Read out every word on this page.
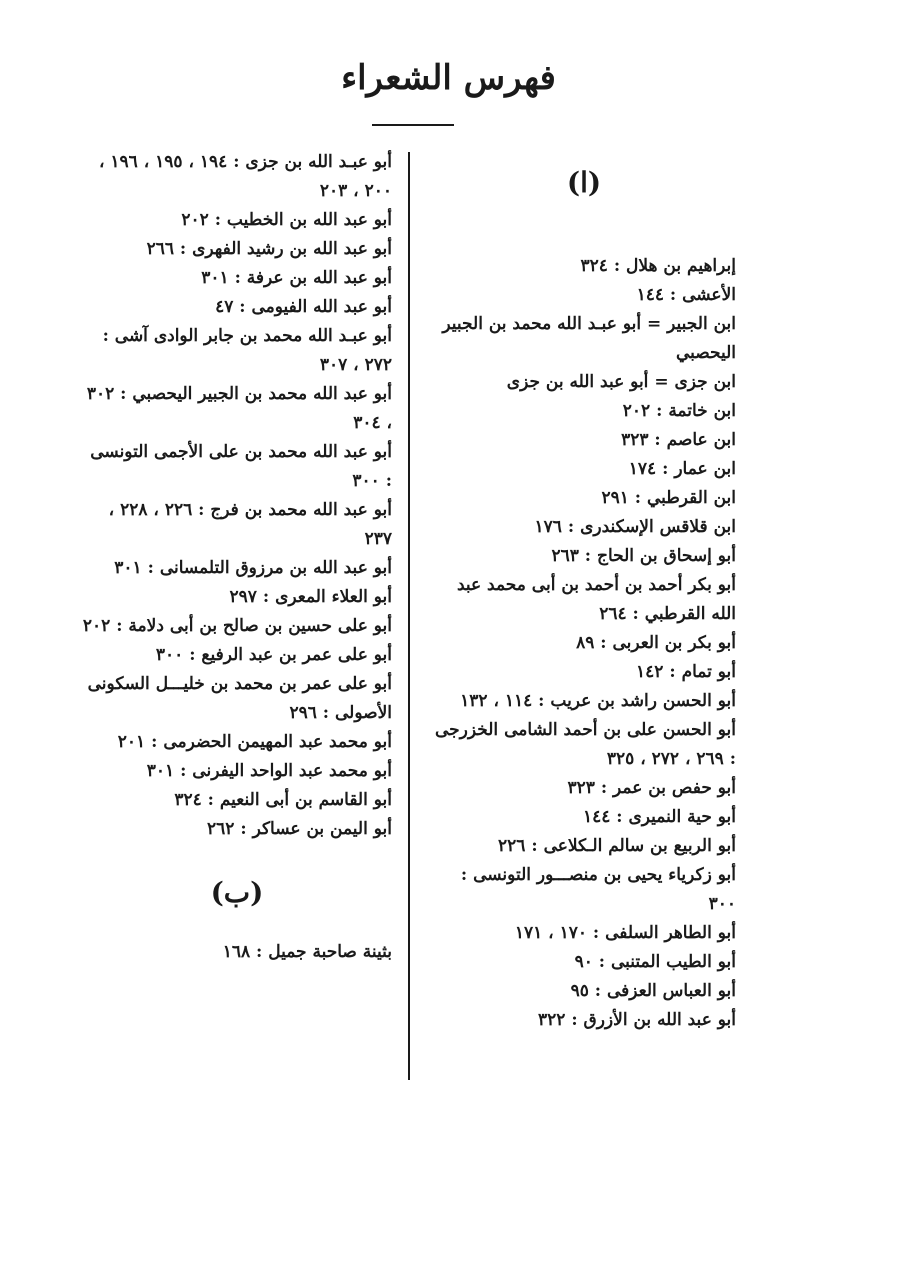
فهرس الشعراء
(ا)
إبراهيم بن هلال : ٣٢٤
الأعشى : ١٤٤
ابن الجبير = أبو عبـد الله محمد بن الجبير اليحصبي
ابن جزى = أبو عبد الله بن جزى
ابن خاتمة : ٢٠٢
ابن عاصم : ٣٢٣
ابن عمار : ١٧٤
ابن القرطبي : ٢٩١
ابن قلاقس الإسكندرى : ١٧٦
أبو إسحاق بن الحاج : ٢٦٣
أبو بكر أحمد بن أحمد بن أبى محمد عبد الله القرطبي : ٢٦٤
أبو بكر بن العربى : ٨٩
أبو تمام : ١٤٢
أبو الحسن راشد بن عريب : ١١٤ ، ١٣٢
أبو الحسن على بن أحمد الشامى الخزرجى : ٢٦٩ ، ٢٧٢ ، ٣٢٥
أبو حفص بن عمر : ٣٢٣
أبو حية النميرى : ١٤٤
أبو الربيع بن سالم الـكلاعى : ٢٢٦
أبو زكرياء يحيى بن منصـــور التونسى : ٣٠٠
أبو الطاهر السلفى : ١٧٠ ، ١٧١
أبو الطيب المتنبى : ٩٠
أبو العباس العزفى : ٩٥
أبو عبد الله بن الأزرق : ٣٢٢
أبو عبـد الله بن جزى : ١٩٤ ، ١٩٥ ، ١٩٦ ، ٢٠٠ ، ٢٠٣
أبو عبد الله بن الخطيب : ٢٠٢
أبو عبد الله بن رشيد الفهرى : ٢٦٦
أبو عبد الله بن عرفة : ٣٠١
أبو عبد الله الفيومى : ٤٧
أبو عبـد الله محمد بن جابر الوادى آشى : ٢٧٢ ، ٣٠٧
أبو عبد الله محمد بن الجبير اليحصبي : ٣٠٢ ، ٣٠٤
أبو عبد الله محمد بن على الأجمى التونسى : ٣٠٠
أبو عبد الله محمد بن فرج : ٢٢٦ ، ٢٢٨ ، ٢٣٧
أبو عبد الله بن مرزوق التلمسانى : ٣٠١
أبو العلاء المعرى : ٢٩٧
أبو على حسين بن صالح بن أبى دلامة : ٢٠٢
أبو على عمر بن عبد الرفيع : ٣٠٠
أبو على عمر بن محمد بن خليـــل السكونى الأصولى : ٢٩٦
أبو محمد عبد المهيمن الحضرمى : ٢٠١
أبو محمد عبد الواحد اليفرنى : ٣٠١
أبو القاسم بن أبى النعيم : ٣٢٤
أبو اليمن بن عساكر : ٢٦٢
(ب)
بثينة صاحبة جميل : ١٦٨
